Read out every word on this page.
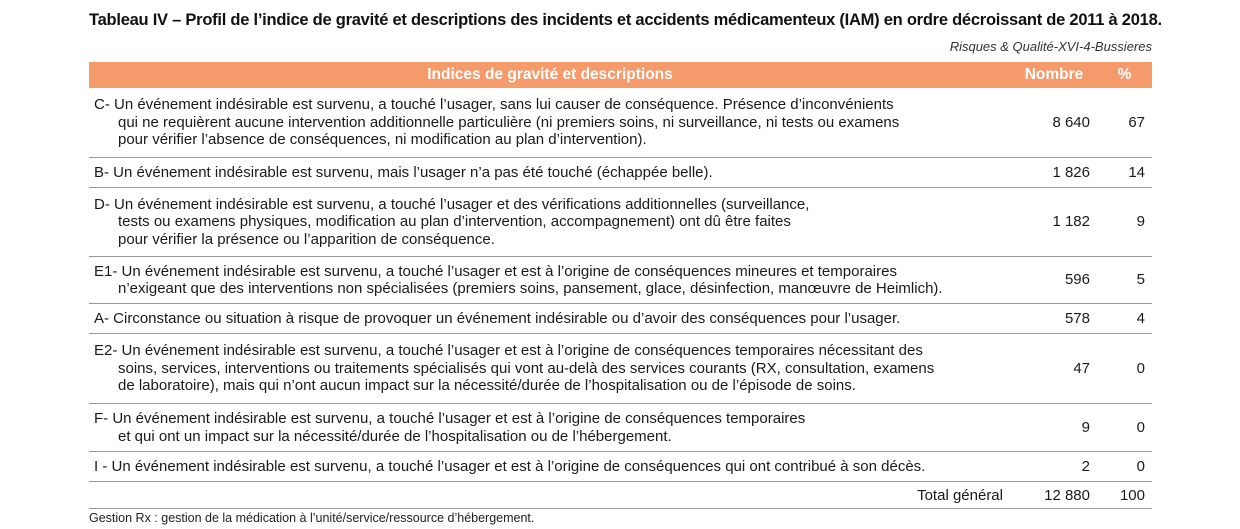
Tableau IV – Profil de l’indice de gravité et descriptions des incidents et accidents médicamenteux (IAM) en ordre décroissant de 2011 à 2018.
Risques & Qualité-XVI-4-Bussieres
Indices de gravité et descriptions	Nombre	%
C- Un événement indésirable est survenu, a touché l’usager, sans lui causer de conséquence. Présence d’inconvénients
qui ne requièrent aucune intervention additionnelle particulière (ni premiers soins, ni surveillance, ni tests ou examens
pour vérifier l’absence de conséquences, ni modification au plan d’intervention).
8 640	67
B- Un événement indésirable est survenu, mais l’usager n’a pas été touché (échappée belle).	1 826	14
D- Un événement indésirable est survenu, a touché l’usager et des vérifications additionnelles (surveillance,
tests ou examens physiques, modification au plan d’intervention, accompagnement) ont dû être faites
pour vérifier la présence ou l’apparition de conséquence.
1 182	9
E1- Un événement indésirable est survenu, a touché l’usager et est à l’origine de conséquences mineures et temporaires
n’exigeant que des interventions non spécialisées (premiers soins, pansement, glace, désinfection, manœuvre de Heimlich).
596	5
A- Circonstance ou situation à risque de provoquer un événement indésirable ou d’avoir des conséquences pour l’usager.	578	4
E2- Un événement indésirable est survenu, a touché l’usager et est à l’origine de conséquences temporaires nécessitant des
soins, services, interventions ou traitements spécialisés qui vont au-delà des services courants (RX, consultation, examens
de laboratoire), mais qui n’ont aucun impact sur la nécessité/durée de l’hospitalisation ou de l’épisode de soins.
47	0
F- Un événement indésirable est survenu, a touché l’usager et est à l’origine de conséquences temporaires
et qui ont un impact sur la nécessité/durée de l’hospitalisation ou de l’hébergement.
9	0
I - Un événement indésirable est survenu, a touché l’usager et est à l’origine de conséquences qui ont contribué à son décès.	2	0
Total général	12 880	100
Gestion Rx : gestion de la médication à l’unité/service/ressource d’hébergement.
